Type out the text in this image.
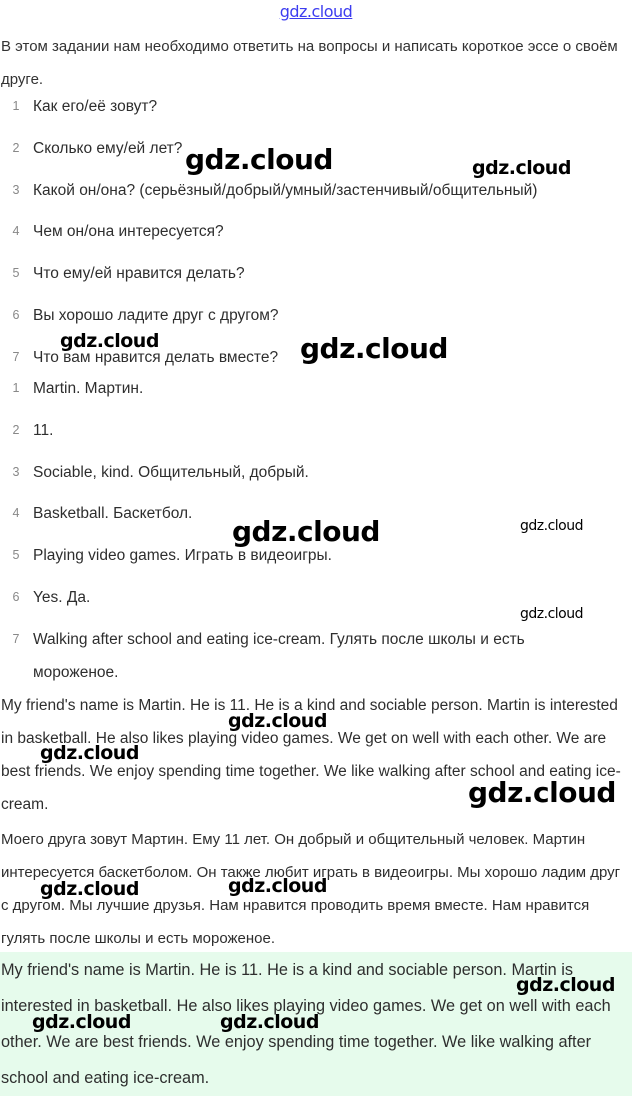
gdz.cloud
В этом задании нам необходимо ответить на вопросы и написать короткое эссе о своём друге.
1 Как его/её зовут?
2 Сколько ему/ей лет?
3 Какой он/она? (серьёзный/добрый/умный/застенчивый/общительный)
4 Чем он/она интересуется?
5 Что ему/ей нравится делать?
6 Вы хорошо ладите друг с другом?
7 Что вам нравится делать вместе?
1 Martin. Мартин.
2 11.
3 Sociable, kind. Общительный, добрый.
4 Basketball. Баскетбол.
5 Playing video games. Играть в видеоигры.
6 Yes. Да.
7 Walking after school and eating ice-cream. Гулять после школы и есть мороженое.

My friend's name is Martin. He is 11. He is a kind and sociable person. Martin is interested in basketball. He also likes playing video games. We get on well with each other. We are best friends. We enjoy spending time together. We like walking after school and eating ice-cream.

Моего друга зовут Мартин. Ему 11 лет. Он добрый и общительный человек. Мартин интересуется баскетболом. Он также любит играть в видеоигры. Мы хорошо ладим друг с другом. Мы лучшие друзья. Нам нравится проводить время вместе. Нам нравится гулять после школы и есть мороженое.

My friend's name is Martin. He is 11. He is a kind and sociable person. Martin is interested in basketball. He also likes playing video games. We get on well with each other. We are best friends. We enjoy spending time together. We like walking after school and eating ice-cream.

gdz.cloud	gdz.cloud
gdz.cloud	gdz.cloud
gdz.cloud	gdz.cloud
gdz.cloud
gdz.cloud
gdz.cloud
gdz.cloud
gdz.cloud	gdz.cloud
gdz.cloud
gdz.cloud	gdz.cloud
